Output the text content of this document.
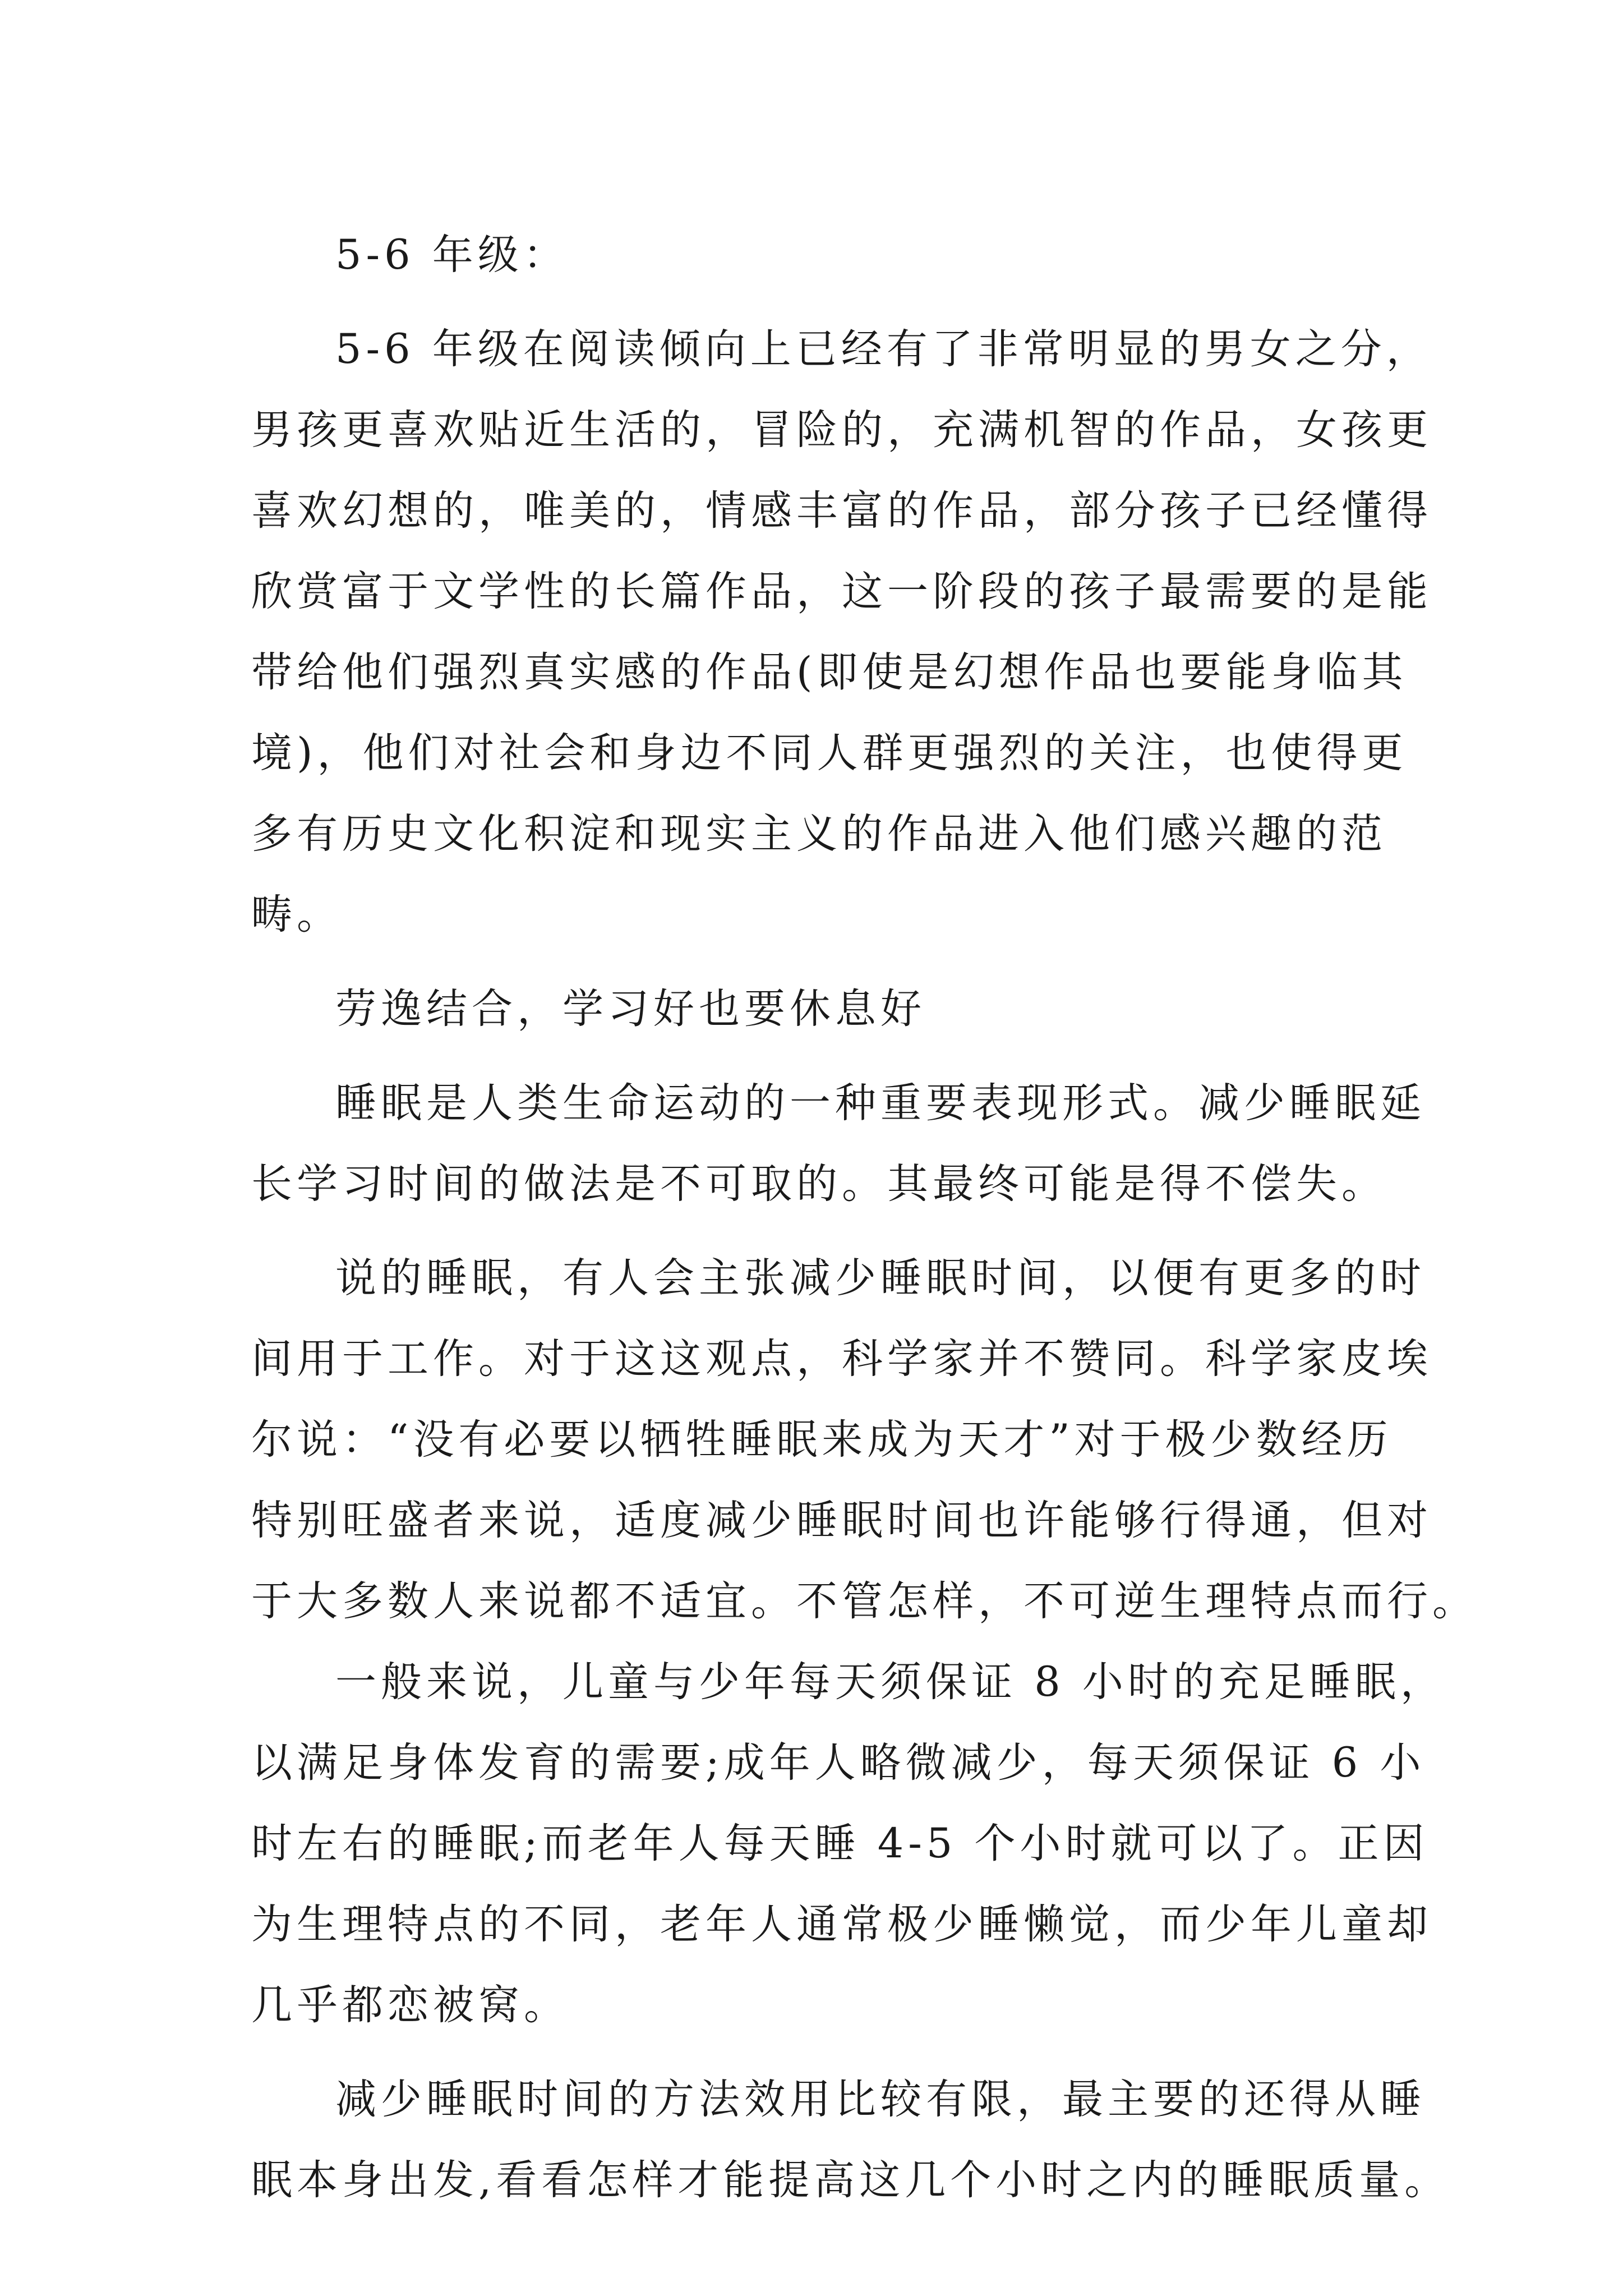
5-6 年级：
5-6 年级在阅读倾向上已经有了非常明显的男女之分，
男孩更喜欢贴近生活的，冒险的，充满机智的作品，女孩更
喜欢幻想的，唯美的，情感丰富的作品，部分孩子已经懂得
欣赏富于文学性的长篇作品，这一阶段的孩子最需要的是能
带给他们强烈真实感的作品(即使是幻想作品也要能身临其
境)，他们对社会和身边不同人群更强烈的关注，也使得更
多有历史文化积淀和现实主义的作品进入他们感兴趣的范
畴。
劳逸结合，学习好也要休息好
睡眠是人类生命运动的一种重要表现形式。减少睡眠延
长学习时间的做法是不可取的。其最终可能是得不偿失。
说的睡眠，有人会主张减少睡眠时间，以便有更多的时
间用于工作。对于这这观点，科学家并不赞同。科学家皮埃
尔说：“没有必要以牺牲睡眠来成为天才”对于极少数经历
特别旺盛者来说，适度减少睡眠时间也许能够行得通，但对
于大多数人来说都不适宜。不管怎样，不可逆生理特点而行。
一般来说，儿童与少年每天须保证 8 小时的充足睡眠，
以满足身体发育的需要;成年人略微减少，每天须保证 6 小
时左右的睡眠;而老年人每天睡 4-5 个小时就可以了。正因
为生理特点的不同，老年人通常极少睡懒觉，而少年儿童却
几乎都恋被窝。
减少睡眠时间的方法效用比较有限，最主要的还得从睡
眠本身出发,看看怎样才能提高这几个小时之内的睡眠质量。
